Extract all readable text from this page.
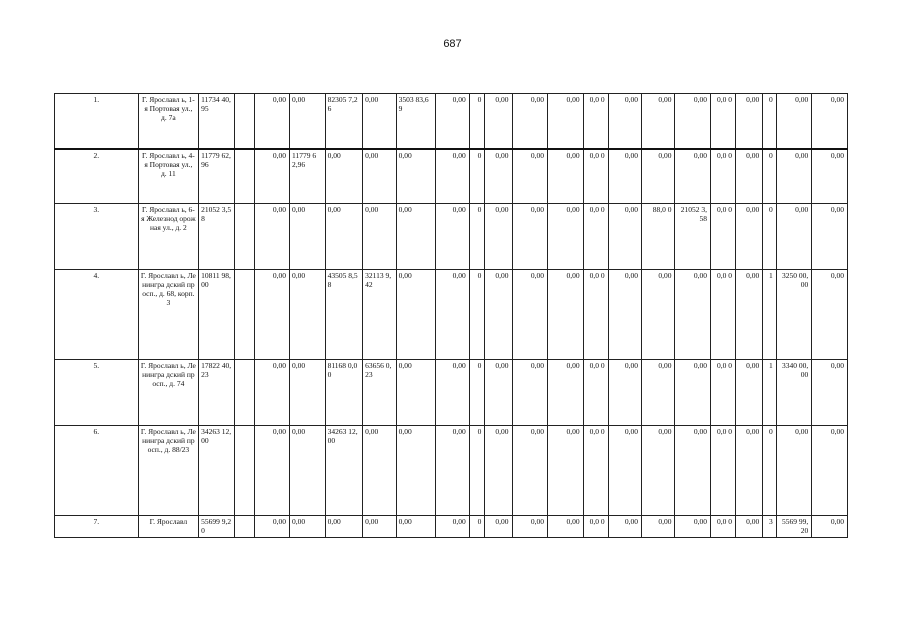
687
1.	Г. Ярославл ь, 1-я Портовая ул., д. 7а	11734 40,95		0,00	0,00	82305 7,26	0,00	3503 83,69	0,00	0	0,00	0,00	0,00	0,0 0	0,00	0,00	0,00	0,0 0	0,00	0	0,00	0,00
2.	Г. Ярославл ь, 4-я Портовая ул., д. 11	11779 62,96		0,00	11779 62,96	0,00	0,00	0,00	0,00	0	0,00	0,00	0,00	0,0 0	0,00	0,00	0,00	0,0 0	0,00	0	0,00	0,00
3.	Г. Ярославл ь, 6-я Железнод орожная ул., д. 2	21052 3,58		0,00	0,00	0,00	0,00	0,00	0,00	0	0,00	0,00	0,00	0,0 0	0,00	88,0 0	21052 3,58	0,0 0	0,00	0	0,00	0,00
4.	Г. Ярославл ь, Ленингра дский просп., д. 68, корп. 3	10811 98,00		0,00	0,00	43505 8,58	32113 9,42	0,00	0,00	0	0,00	0,00	0,00	0,0 0	0,00	0,00	0,00	0,0 0	0,00	1	3250 00,00	0,00
5.	Г. Ярославл ь, Ленингра дский просп., д. 74	17822 40,23		0,00	0,00	81168 0,00	63656 0,23	0,00	0,00	0	0,00	0,00	0,00	0,0 0	0,00	0,00	0,00	0,0 0	0,00	1	3340 00,00	0,00
6.	Г. Ярославл ь, Ленингра дский просп., д. 88/23	34263 12,00		0,00	0,00	34263 12,00	0,00	0,00	0,00	0	0,00	0,00	0,00	0,0 0	0,00	0,00	0,00	0,0 0	0,00	0	0,00	0,00
7.	Г. Ярославл	55699 9,20		0,00	0,00	0,00	0,00	0,00	0,00	0	0,00	0,00	0,00	0,0 0	0,00	0,00	0,00	0,0 0	0,00	3	5569 99,20	0,00
